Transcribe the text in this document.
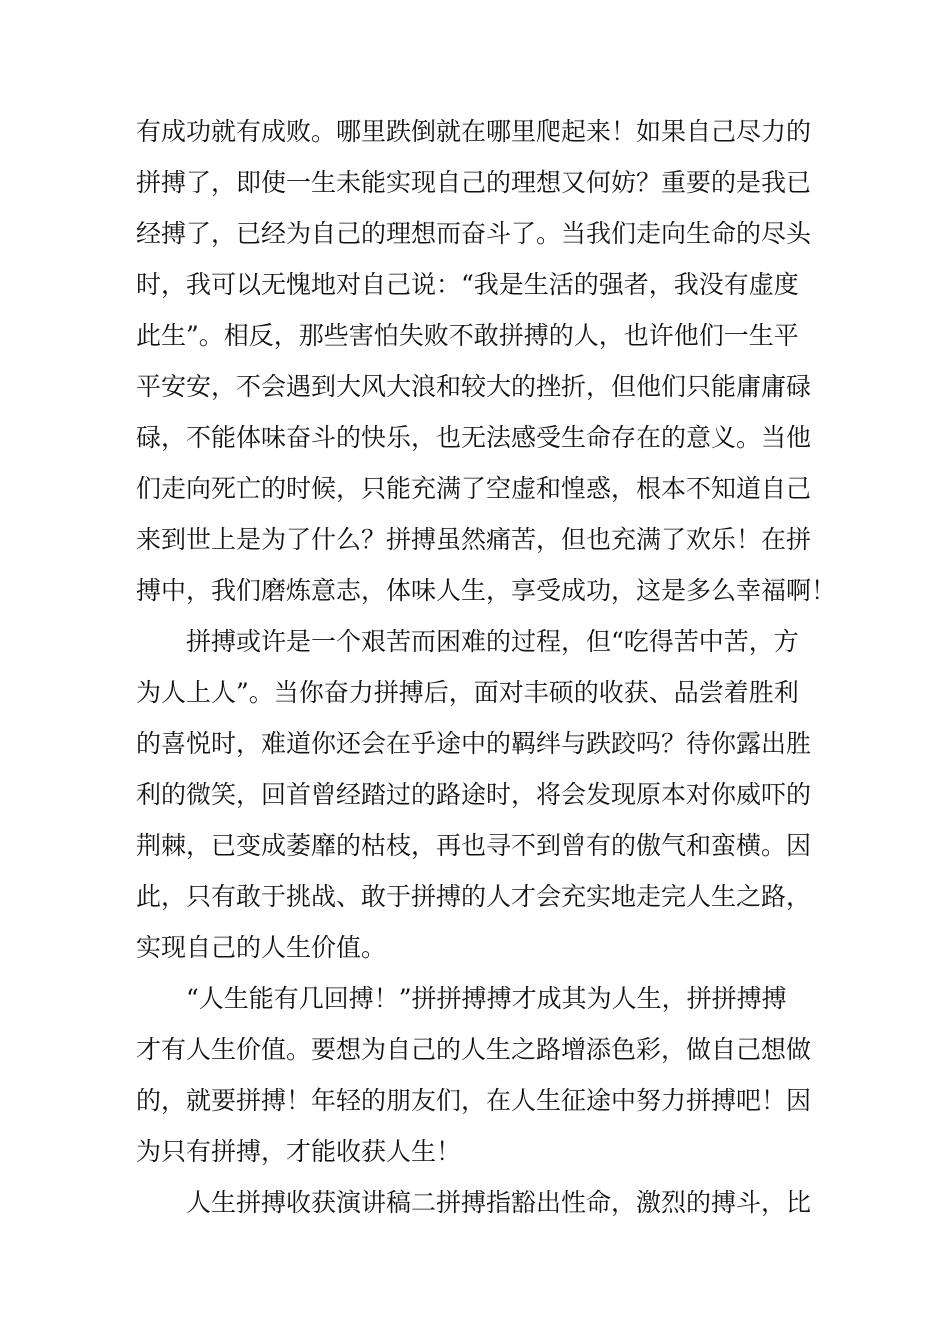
有成功就有成败。哪里跌倒就在哪里爬起来！如果自己尽力的
拼搏了，即使一生未能实现自己的理想又何妨？重要的是我已
经搏了，已经为自己的理想而奋斗了。当我们走向生命的尽头
时，我可以无愧地对自己说：“我是生活的强者，我没有虚度
此生”。相反，那些害怕失败不敢拼搏的人，也许他们一生平
平安安，不会遇到大风大浪和较大的挫折，但他们只能庸庸碌
碌，不能体味奋斗的快乐，也无法感受生命存在的意义。当他
们走向死亡的时候，只能充满了空虚和惶惑，根本不知道自己
来到世上是为了什么？拼搏虽然痛苦，但也充满了欢乐！在拼
搏中，我们磨炼意志，体味人生，享受成功，这是多么幸福啊！
拼搏或许是一个艰苦而困难的过程，但“吃得苦中苦，方
为人上人”。当你奋力拼搏后，面对丰硕的收获、品尝着胜利
的喜悦时，难道你还会在乎途中的羁绊与跌跤吗？待你露出胜
利的微笑，回首曾经踏过的路途时，将会发现原本对你威吓的
荆棘，已变成萎靡的枯枝，再也寻不到曾有的傲气和蛮横。因
此，只有敢于挑战、敢于拼搏的人才会充实地走完人生之路，
实现自己的人生价值。
“人生能有几回搏！”拼拼搏搏才成其为人生，拼拼搏搏
才有人生价值。要想为自己的人生之路增添色彩，做自己想做
的，就要拼搏！年轻的朋友们，在人生征途中努力拼搏吧！因
为只有拼搏，才能收获人生！
人生拼搏收获演讲稿二拼搏指豁出性命，激烈的搏斗，比
